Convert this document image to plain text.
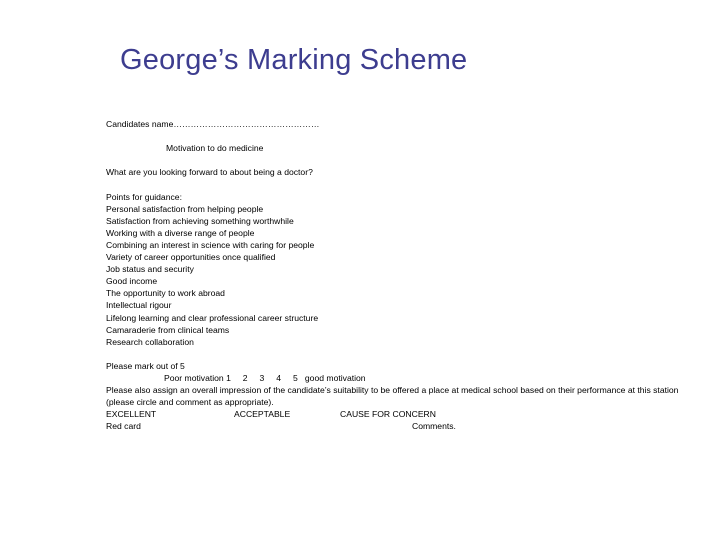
George’s Marking Scheme
Candidates name……………………………………………
Motivation to do medicine
What are you looking forward to about being a doctor?
Points for guidance:
Personal satisfaction from helping people
Satisfaction from achieving something worthwhile
Working with a diverse range of people
Combining an interest in science with caring for people
Variety of career opportunities once qualified
Job status and security
Good income
The opportunity to work abroad
Intellectual rigour
Lifelong learning and clear professional career structure
Camaraderie from clinical teams
Research collaboration
Please mark out of 5
Poor motivation 1     2     3     4     5   good motivation
Please also assign an overall impression of the candidate’s suitability to be offered a place at medical school based on their performance at this station
(please circle and comment as appropriate).
EXCELLENT	ACCEPTABLE	CAUSE FOR CONCERN
Red card	Comments.
